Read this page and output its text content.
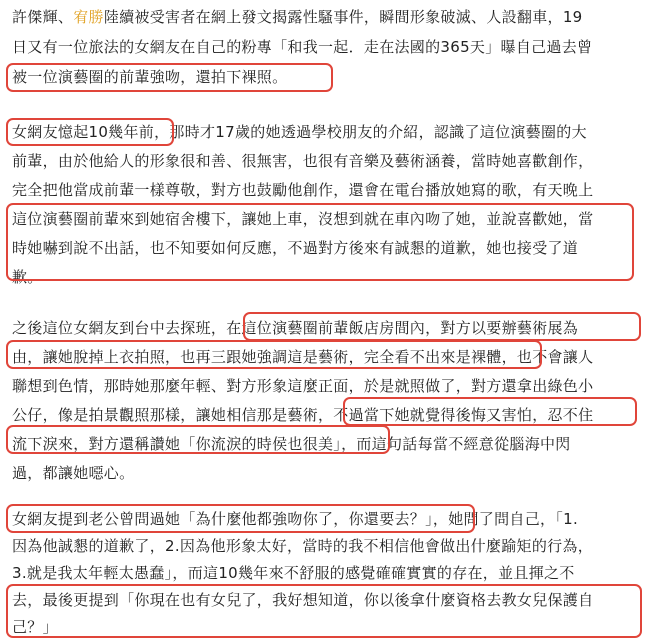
許傑輝、宥勝陸續被受害者在網上發文揭露性騷事件，瞬間形象破滅、人設翻車，19
日又有一位旅法的女網友在自己的粉專「和我一起．走在法國的365天」曝自己過去曾
被一位演藝圈的前輩強吻，還拍下裸照。
女網友憶起10幾年前，那時才17歲的她透過學校朋友的介紹，認識了這位演藝圈的大
前輩，由於他給人的形象很和善、很無害，也很有音樂及藝術涵養，當時她喜歡創作，
完全把他當成前輩一樣尊敬，對方也鼓勵他創作，還會在電台播放她寫的歌，有天晚上
這位演藝圈前輩來到她宿舍樓下，讓她上車，沒想到就在車內吻了她，並說喜歡她，當
時她嚇到說不出話，也不知要如何反應，不過對方後來有誠懇的道歉，她也接受了道
歉。
之後這位女網友到台中去探班，在這位演藝圈前輩飯店房間內，對方以要辦藝術展為
由，讓她脫掉上衣拍照，也再三跟她強調這是藝術，完全看不出來是裸體，也不會讓人
聯想到色情，那時她那麼年輕、對方形象這麼正面，於是就照做了，對方還拿出綠色小
公仔，像是拍景觀照那樣，讓她相信那是藝術，不過當下她就覺得後悔又害怕，忍不住
流下淚來，對方還稱讚她「你流淚的時侯也很美」，而這句話每當不經意從腦海中閃
過，都讓她噁心。
女網友提到老公曾問過她「為什麼他都強吻你了，你還要去？」，她問了問自己，「1.
因為他誠懇的道歉了，2.因為他形象太好，當時的我不相信他會做出什麼踰矩的行為，
3.就是我太年輕太愚蠢」，而這10幾年來不舒服的感覺確確實實的存在，並且揮之不
去，最後更提到「你現在也有女兒了，我好想知道，你以後拿什麼資格去教女兒保護自
己？」
